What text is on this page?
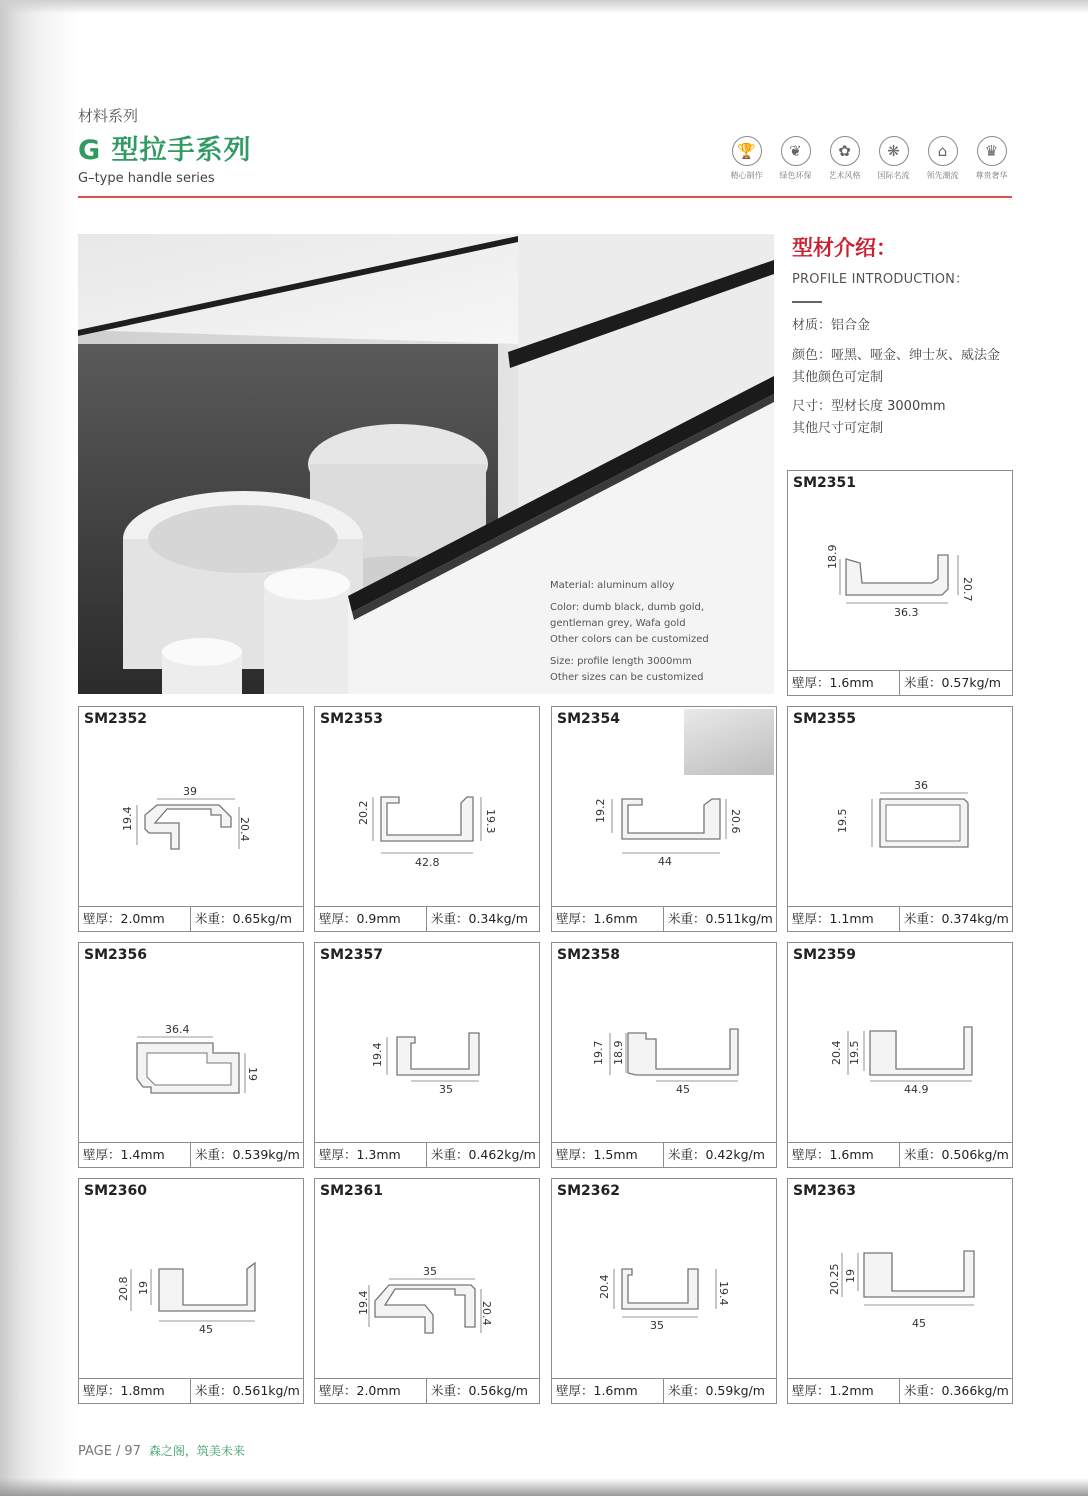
材料系列
G 型拉手系列
G–type handle series
🏆
精心制作
❦
绿色环保
✿
艺术风格
❋
国际名流
⌂
领先潮流
♛
尊贵奢华

Material: aluminum alloy

Color: dumb black, dumb gold, gentleman grey, Wafa gold
Other colors can be customized

Size: profile length 3000mm
Other sizes can be customized

型材介绍：
PROFILE INTRODUCTION：
材质：铝合金
颜色：哑黑、哑金、绅士灰、威法金
其他颜色可定制
尺寸：型材长度 3000mm
其他尺寸可定制
SM2351
18.9
36.3
20.7
壁厚：1.6mm	米重：0.57kg/m
SM2352
19.4
39
20.4
壁厚：2.0mm	米重：0.65kg/m
SM2353
20.2
42.8
19.3
壁厚：0.9mm	米重：0.34kg/m
SM2354
19.2
44
20.6
壁厚：1.6mm	米重：0.511kg/m
SM2355
19.5
36
壁厚：1.1mm	米重：0.374kg/m
SM2356
36.4
19
壁厚：1.4mm	米重：0.539kg/m
SM2357
19.4
35
壁厚：1.3mm	米重：0.462kg/m
SM2358
19.7 18.9
45
壁厚：1.5mm	米重：0.42kg/m
SM2359
20.4 19.5
44.9
壁厚：1.6mm	米重：0.506kg/m
SM2360
20.8 19
45
壁厚：1.8mm	米重：0.561kg/m
SM2361
19.4
35
20.4
壁厚：2.0mm	米重：0.56kg/m
SM2362
20.4
35
19.4
壁厚：1.6mm	米重：0.59kg/m
SM2363
20.25 19
45
壁厚：1.2mm	米重：0.366kg/m
PAGE / 97 森之阁，筑美未来
